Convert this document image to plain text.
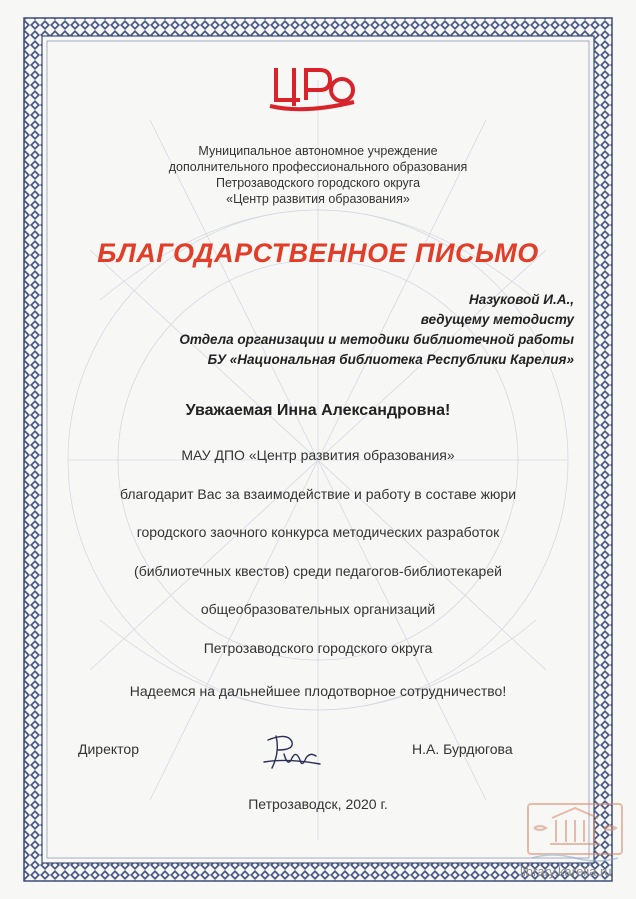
Муниципальное автономное учреждение
дополнительного профессионального образования
Петрозаводского городского округа
«Центр развития образования»
БЛАГОДАРСТВЕННОЕ ПИСЬМО
Назуковой И.А.,
ведущему методисту
Отдела организации и методики библиотечной работы
БУ «Национальная библиотека Республики Карелия»
Уважаемая Инна Александровна!
МАУ ДПО «Центр развития образования»
благодарит Вас за взаимодействие и работу в составе жюри
городского заочного конкурса методических разработок
(библиотечных квестов) среди педагогов-библиотекарей
общеобразовательных организаций
Петрозаводского городского округа
Надеемся на дальнейшее плодотворное сотрудничество!
Директор	Н.А. Бурдюгова
Петрозаводск, 2020 г.
library.karelia.ru
